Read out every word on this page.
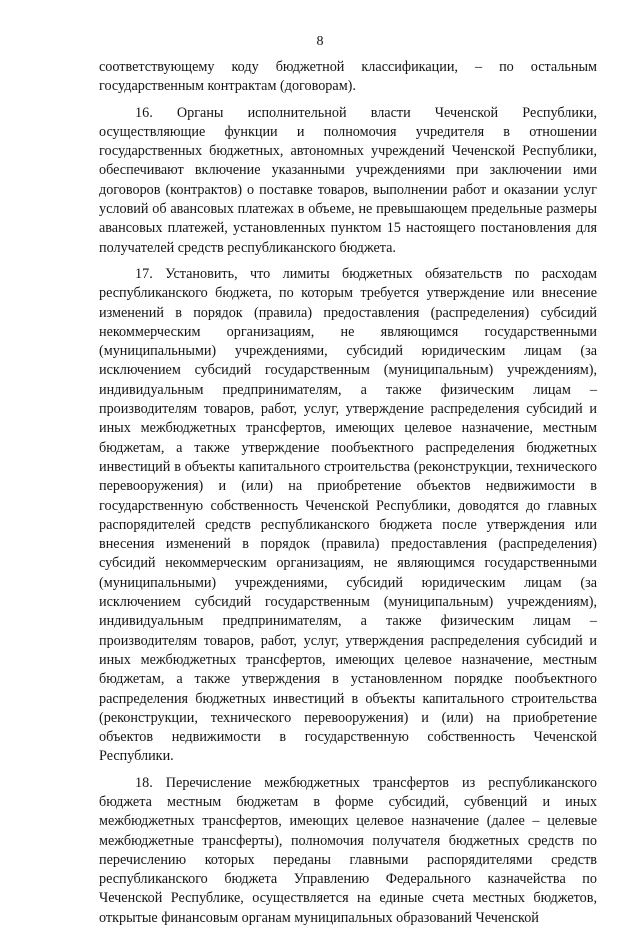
8

соответствующему коду бюджетной классификации, – по остальным государственным контрактам (договорам).

16. Органы исполнительной власти Чеченской Республики, осуществляющие функции и полномочия учредителя в отношении государственных бюджетных, автономных учреждений Чеченской Республики, обеспечивают включение указанными учреждениями при заключении ими договоров (контрактов) о поставке товаров, выполнении работ и оказании услуг условий об авансовых платежах в объеме, не превышающем предельные размеры авансовых платежей, установленных пунктом 15 настоящего постановления для получателей средств республиканского бюджета.

17. Установить, что лимиты бюджетных обязательств по расходам республиканского бюджета, по которым требуется утверждение или внесение изменений в порядок (правила) предоставления (распределения) субсидий некоммерческим организациям, не являющимся государственными (муниципальными) учреждениями, субсидий юридическим лицам (за исключением субсидий государственным (муниципальным) учреждениям), индивидуальным предпринимателям, а также физическим лицам – производителям товаров, работ, услуг, утверждение распределения субсидий и иных межбюджетных трансфертов, имеющих целевое назначение, местным бюджетам, а также утверждение пообъектного распределения бюджетных инвестиций в объекты капитального строительства (реконструкции, технического перевооружения) и (или) на приобретение объектов недвижимости в государственную собственность Чеченской Республики, доводятся до главных распорядителей средств республиканского бюджета после утверждения или внесения изменений в порядок (правила) предоставления (распределения) субсидий некоммерческим организациям, не являющимся государственными (муниципальными) учреждениями, субсидий юридическим лицам (за исключением субсидий государственным (муниципальным) учреждениям), индивидуальным предпринимателям, а также физическим лицам – производителям товаров, работ, услуг, утверждения распределения субсидий и иных межбюджетных трансфертов, имеющих целевое назначение, местным бюджетам, а также утверждения в установленном порядке пообъектного распределения бюджетных инвестиций в объекты капитального строительства (реконструкции, технического перевооружения) и (или) на приобретение объектов недвижимости в государственную собственность Чеченской Республики.

18. Перечисление межбюджетных трансфертов из республиканского бюджета местным бюджетам в форме субсидий, субвенций и иных межбюджетных трансфертов, имеющих целевое назначение (далее – целевые межбюджетные трансферты), полномочия получателя бюджетных средств по перечислению которых переданы главными распорядителями средств республиканского бюджета Управлению Федерального казначейства по Чеченской Республике, осуществляется на единые счета местных бюджетов, открытые финансовым органам муниципальных образований Чеченской
